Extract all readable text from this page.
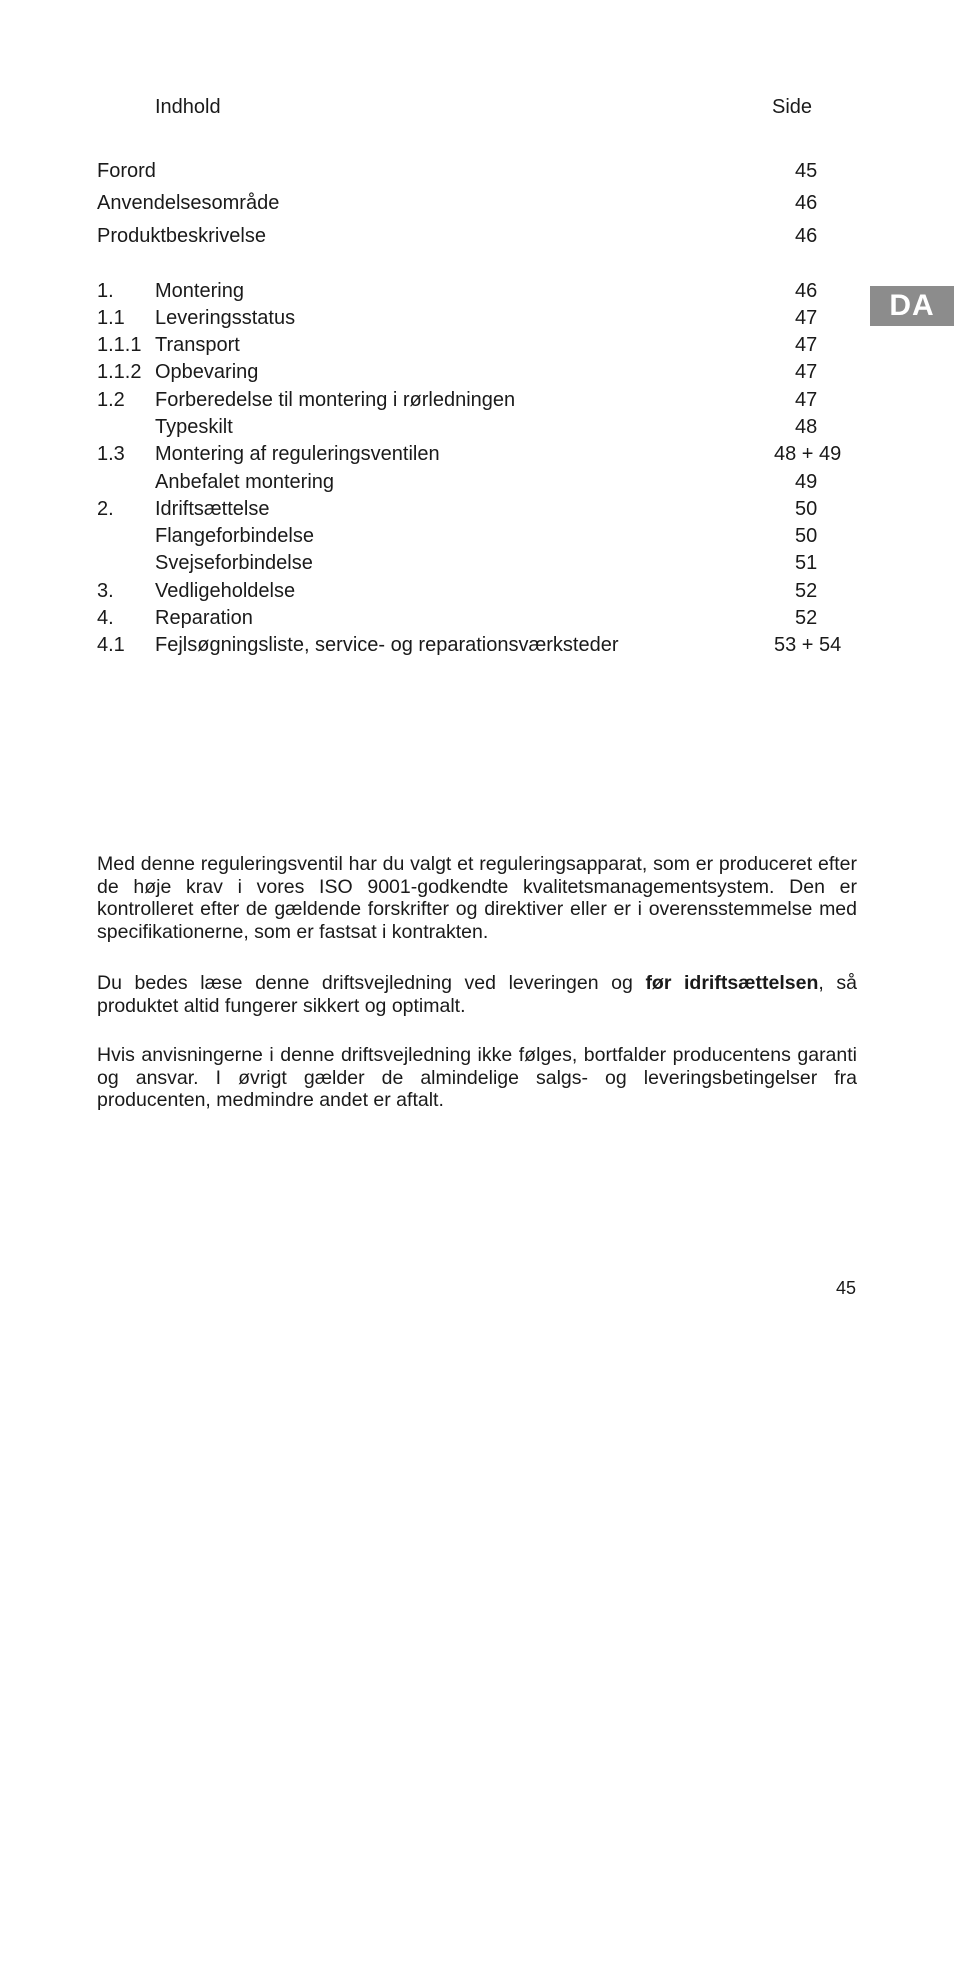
Indhold	Side
Forord	45
Anvendelsesområde	46
Produktbeskrivelse	46
1. Montering	46
1.1 Leveringsstatus	47
1.1.1 Transport	47
1.1.2 Opbevaring	47
1.2 Forberedelse til montering i rørledningen	47
Typeskilt	48
1.3 Montering af reguleringsventilen	48 + 49
Anbefalet montering	49
2. Idriftsættelse	50
Flangeforbindelse	50
Svejseforbindelse	51
3. Vedligeholdelse	52
4. Reparation	52
4.1 Fejlsøgningsliste, service- og reparationsværksteder	53 + 54
DA
Med denne reguleringsventil har du valgt et reguleringsapparat, som er produceret efter de høje krav i vores ISO 9001-godkendte kvalitetsmanagementsystem. Den er kontrolleret efter de gældende forskrifter og direktiver eller er i overensstemmelse med specifikationerne, som er fastsat i kontrakten.
Du bedes læse denne driftsvejledning ved leveringen og før idriftsættelsen, så produktet altid fungerer sikkert og optimalt.
Hvis anvisningerne i denne driftsvejledning ikke følges, bortfalder producentens garanti og ansvar. I øvrigt gælder de almindelige salgs- og leveringsbetingelser fra producenten, medmindre andet er aftalt.
45
